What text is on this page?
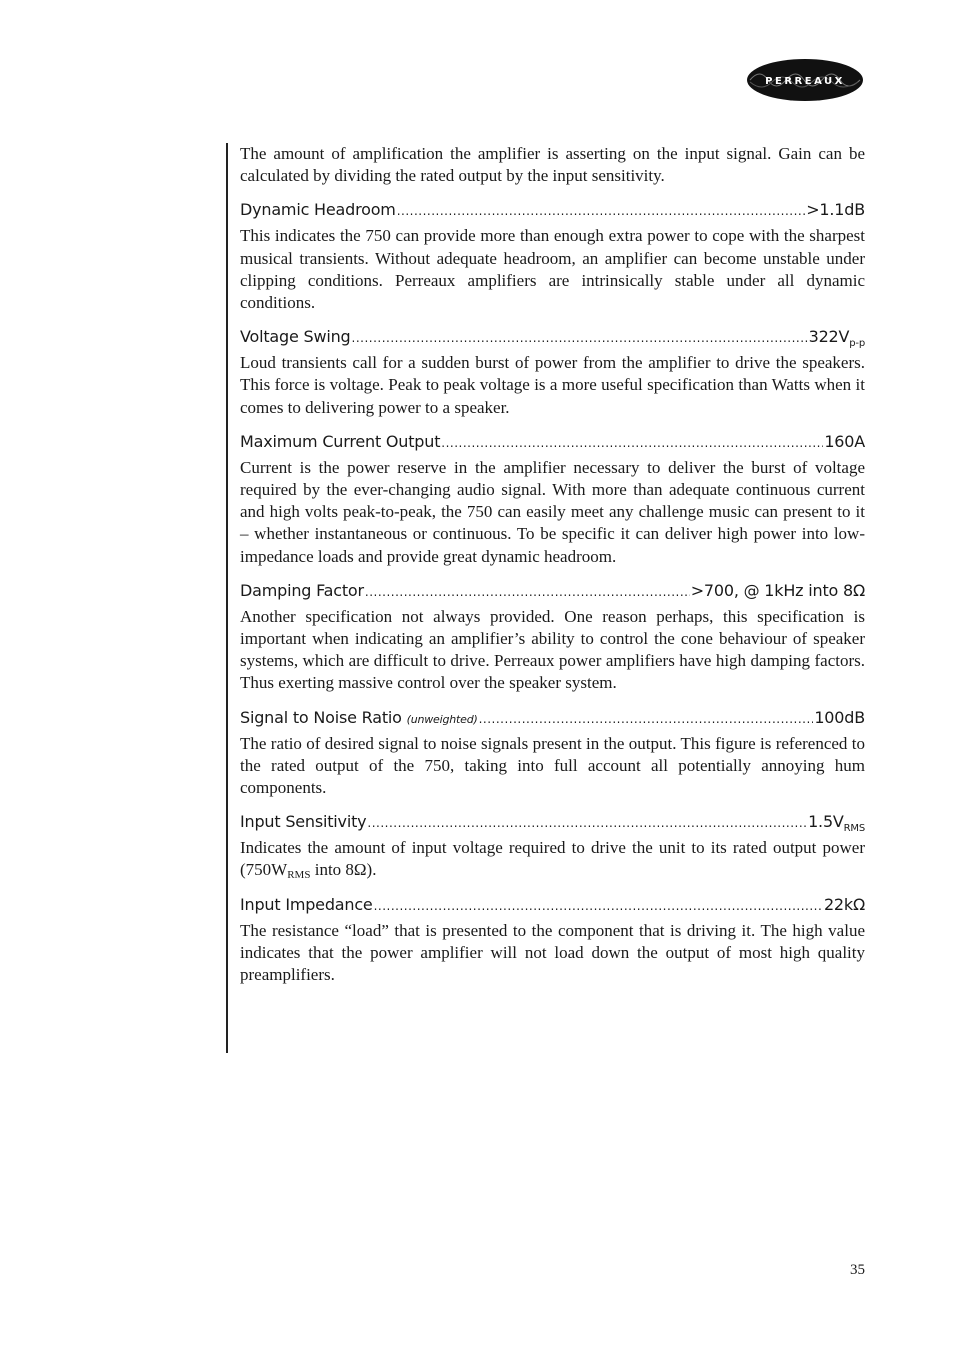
PERREAUX

The amount of amplification the amplifier is asserting on the input signal. Gain can be calculated by dividing the rated output by the input sensitivity.

Dynamic Headroom .....	>1.1dB

This indicates the 750 can provide more than enough extra power to cope with the sharpest musical transients. Without adequate headroom, an amplifier can become unstable under clipping conditions. Perreaux amplifiers are intrinsically stable under all dynamic conditions.

Voltage Swing .....	$322V_{p-p}$

Loud transients call for a sudden burst of power from the amplifier to drive the speakers. This force is voltage. Peak to peak voltage is a more useful specification than Watts when it comes to delivering power to a speaker.

Maximum Current Output .....	160A

Current is the power reserve in the amplifier necessary to deliver the burst of voltage required by the ever-changing audio signal. With more than adequate continuous current and high volts peak-to-peak, the 750 can easily meet any challenge music can present to it – whether instantaneous or continuous. To be specific it can deliver high power into low-impedance loads and provide great dynamic headroom.

Damping Factor .....	>700, @ 1kHz into 8Ω

Another specification not always provided. One reason perhaps, this specification is important when indicating an amplifier’s ability to control the cone behaviour of speaker systems, which are difficult to drive. Perreaux power amplifiers have high damping factors. Thus exerting massive control over the speaker system.

Signal to Noise Ratio (unweighted) .....	100dB

The ratio of desired signal to noise signals present in the output. This figure is referenced to the rated output of the 750, taking into full account all potentially annoying hum components.

Input Sensitivity .....	$1.5V_{RMS}$

Indicates the amount of input voltage required to drive the unit to its rated output power ($750W_{RMS}$ into 8Ω).

Input Impedance .....	22kΩ

The resistance “load” that is presented to the component that is driving it. The high value indicates that the power amplifier will not load down the output of most high quality preamplifiers.

35
